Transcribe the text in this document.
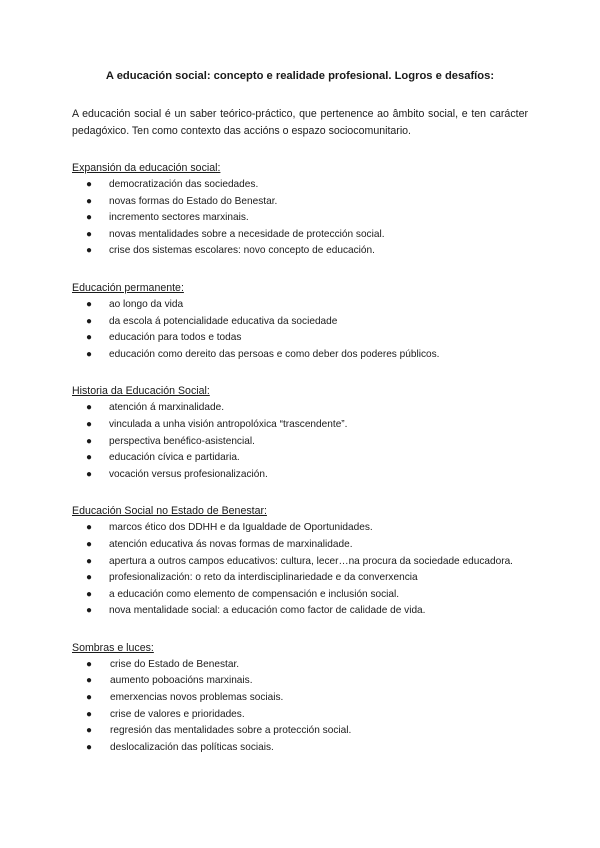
A educación social: concepto e realidade profesional. Logros e desafíos:

A educación social é un saber teórico-práctico, que pertenence ao âmbito social, e ten carácter pedagóxico. Ten como contexto das accións o espazo sociocomunitario.

Expansión da educación social:

● democratización das sociedades.
● novas formas do Estado do Benestar.
● incremento sectores marxinais.
● novas mentalidades sobre a necesidade de protección social.
● crise dos sistemas escolares: novo concepto de educación.

Educación permanente:

● ao longo da vida
● da escola á potencialidade educativa da sociedade
● educación para todos e todas
● educación como dereito das persoas e como deber dos poderes públicos.

Historia da Educación Social:

● atención á marxinalidade.
● vinculada a unha visión antropolóxica “trascendente”.
● perspectiva benéfico-asistencial.
● educación cívica e partidaria.
● vocación versus profesionalización.

Educación Social no Estado de Benestar:

● marcos ético dos DDHH e da Igualdade de Oportunidades.
● atención educativa ás novas formas de marxinalidade.
● apertura a outros campos educativos: cultura, lecer…na procura da sociedade educadora.
● profesionalización: o reto da interdisciplinariedade e da converxencia
● a educación como elemento de compensación e inclusión social.
● nova mentalidade social: a educación como factor de calidade de vida.

Sombras e luces:

● crise do Estado de Benestar.
● aumento poboacións marxinais.
● emerxencias novos problemas sociais.
● crise de valores e prioridades.
● regresión das mentalidades sobre a protección social.
● deslocalización das políticas sociais.
